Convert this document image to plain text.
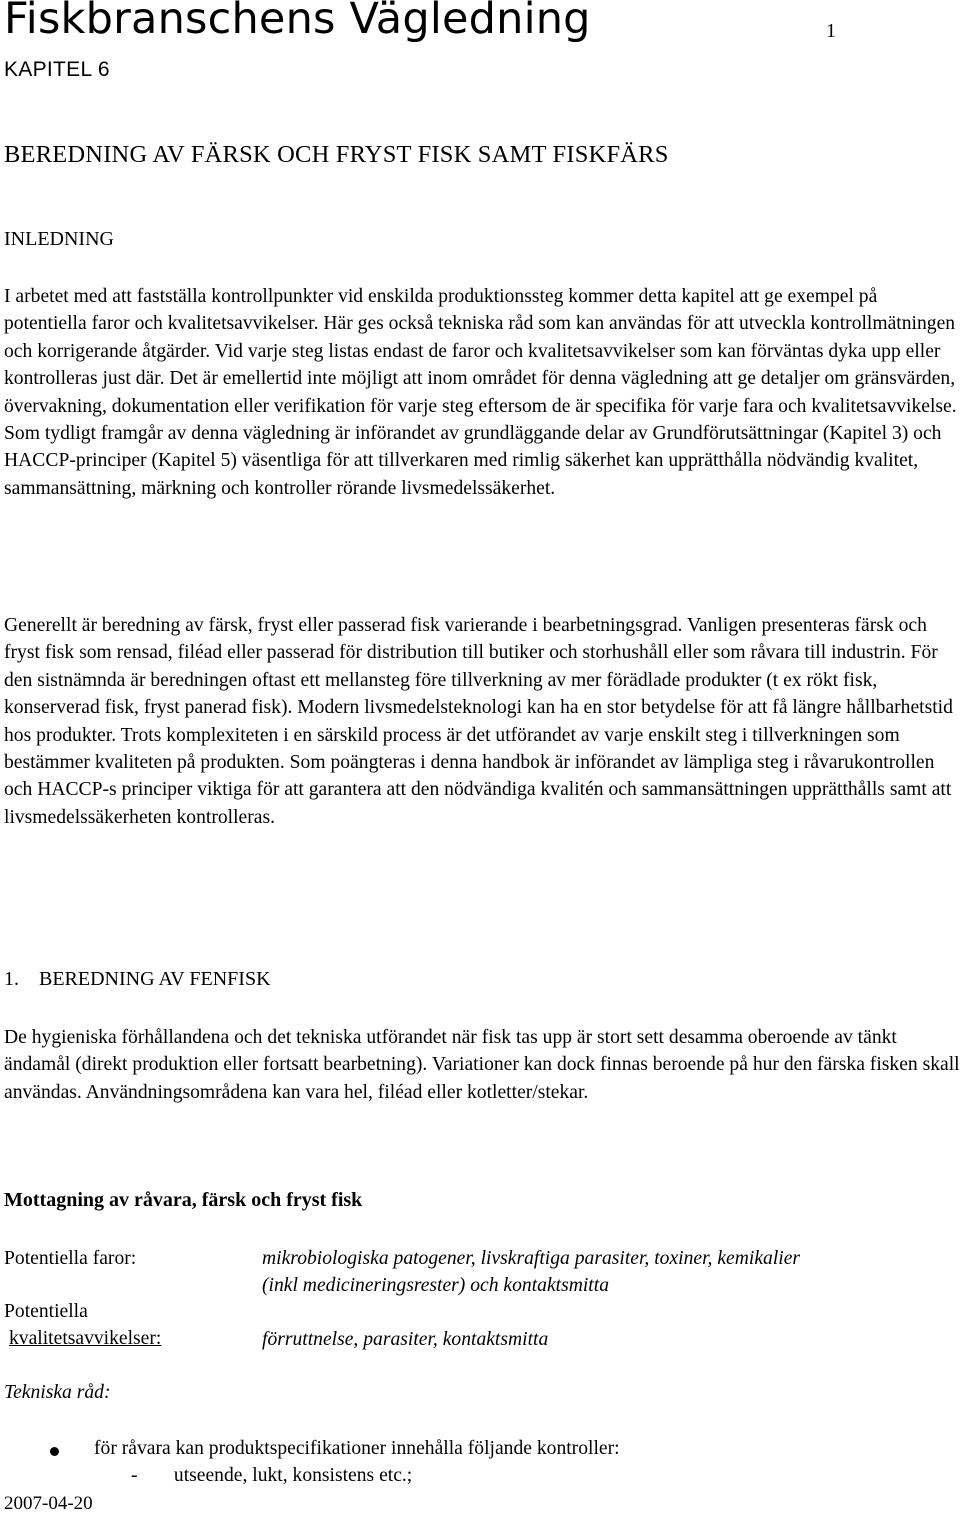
Fiskbranschens Vägledning	1
KAPITEL 6
BEREDNING AV FÄRSK OCH FRYST FISK SAMT FISKFÄRS
INLEDNING

I arbetet med att fastställa kontrollpunkter vid enskilda produktionssteg kommer detta kapitel att ge exempel på potentiella faror och kvalitetsavvikelser. Här ges också tekniska råd som kan användas för att utveckla kontrollmätningen och korrigerande åtgärder. Vid varje steg listas endast de faror och kvalitetsavvikelser som kan förväntas dyka upp eller kontrolleras just där. Det är emellertid inte möjligt att inom området för denna vägledning att ge detaljer om gränsvärden, övervakning, dokumentation eller verifikation för varje steg eftersom de är specifika för varje fara och kvalitetsavvikelse.

Som tydligt framgår av denna vägledning är införandet av grundläggande delar av Grundförutsättningar (Kapitel 3) och HACCP-principer (Kapitel 5) väsentliga för att tillverkaren med rimlig säkerhet kan upprätthålla nödvändig kvalitet, sammansättning, märkning och kontroller rörande livsmedelssäkerhet.

Generellt är beredning av färsk, fryst eller passerad fisk varierande i bearbetningsgrad. Vanligen presenteras färsk och fryst fisk som rensad, filéad eller passerad för distribution till butiker och storhushåll eller som råvara till industrin. För den sistnämnda är beredningen oftast ett mellansteg före tillverkning av mer förädlade produkter (t ex rökt fisk, konserverad fisk, fryst panerad fisk). Modern livsmedelsteknologi kan ha en stor betydelse för att få längre hållbarhetstid hos produkter. Trots komplexiteten i en särskild process är det utförandet av varje enskilt steg i tillverkningen som bestämmer kvaliteten på produkten. Som poängteras i denna handbok är införandet av lämpliga steg i råvarukontrollen och HACCP-s principer viktiga för att garantera att den nödvändiga kvalitén och sammansättningen upprätthålls samt att livsmedelssäkerheten kontrolleras.

1. BEREDNING AV FENFISK

De hygieniska förhållandena och det tekniska utförandet när fisk tas upp är stort sett desamma oberoende av tänkt ändamål (direkt produktion eller fortsatt bearbetning). Variationer kan dock finnas beroende på hur den färska fisken skall användas. Användningsområdena kan vara hel, filéad eller kotletter/stekar.

Mottagning av råvara, färsk och fryst fisk
Potentiella faror:	mikrobiologiska patogener, livskraftiga parasiter, toxiner, kemikalier
(inkl medicineringsrester) och kontaktsmitta
Potentiella
kvalitetsavvikelser:	förruttnelse, parasiter, kontaktsmitta
Tekniska råd:
för råvara kan produktspecifikationer innehålla följande kontroller:
- utseende, lukt, konsistens etc.;
2007-04-20
